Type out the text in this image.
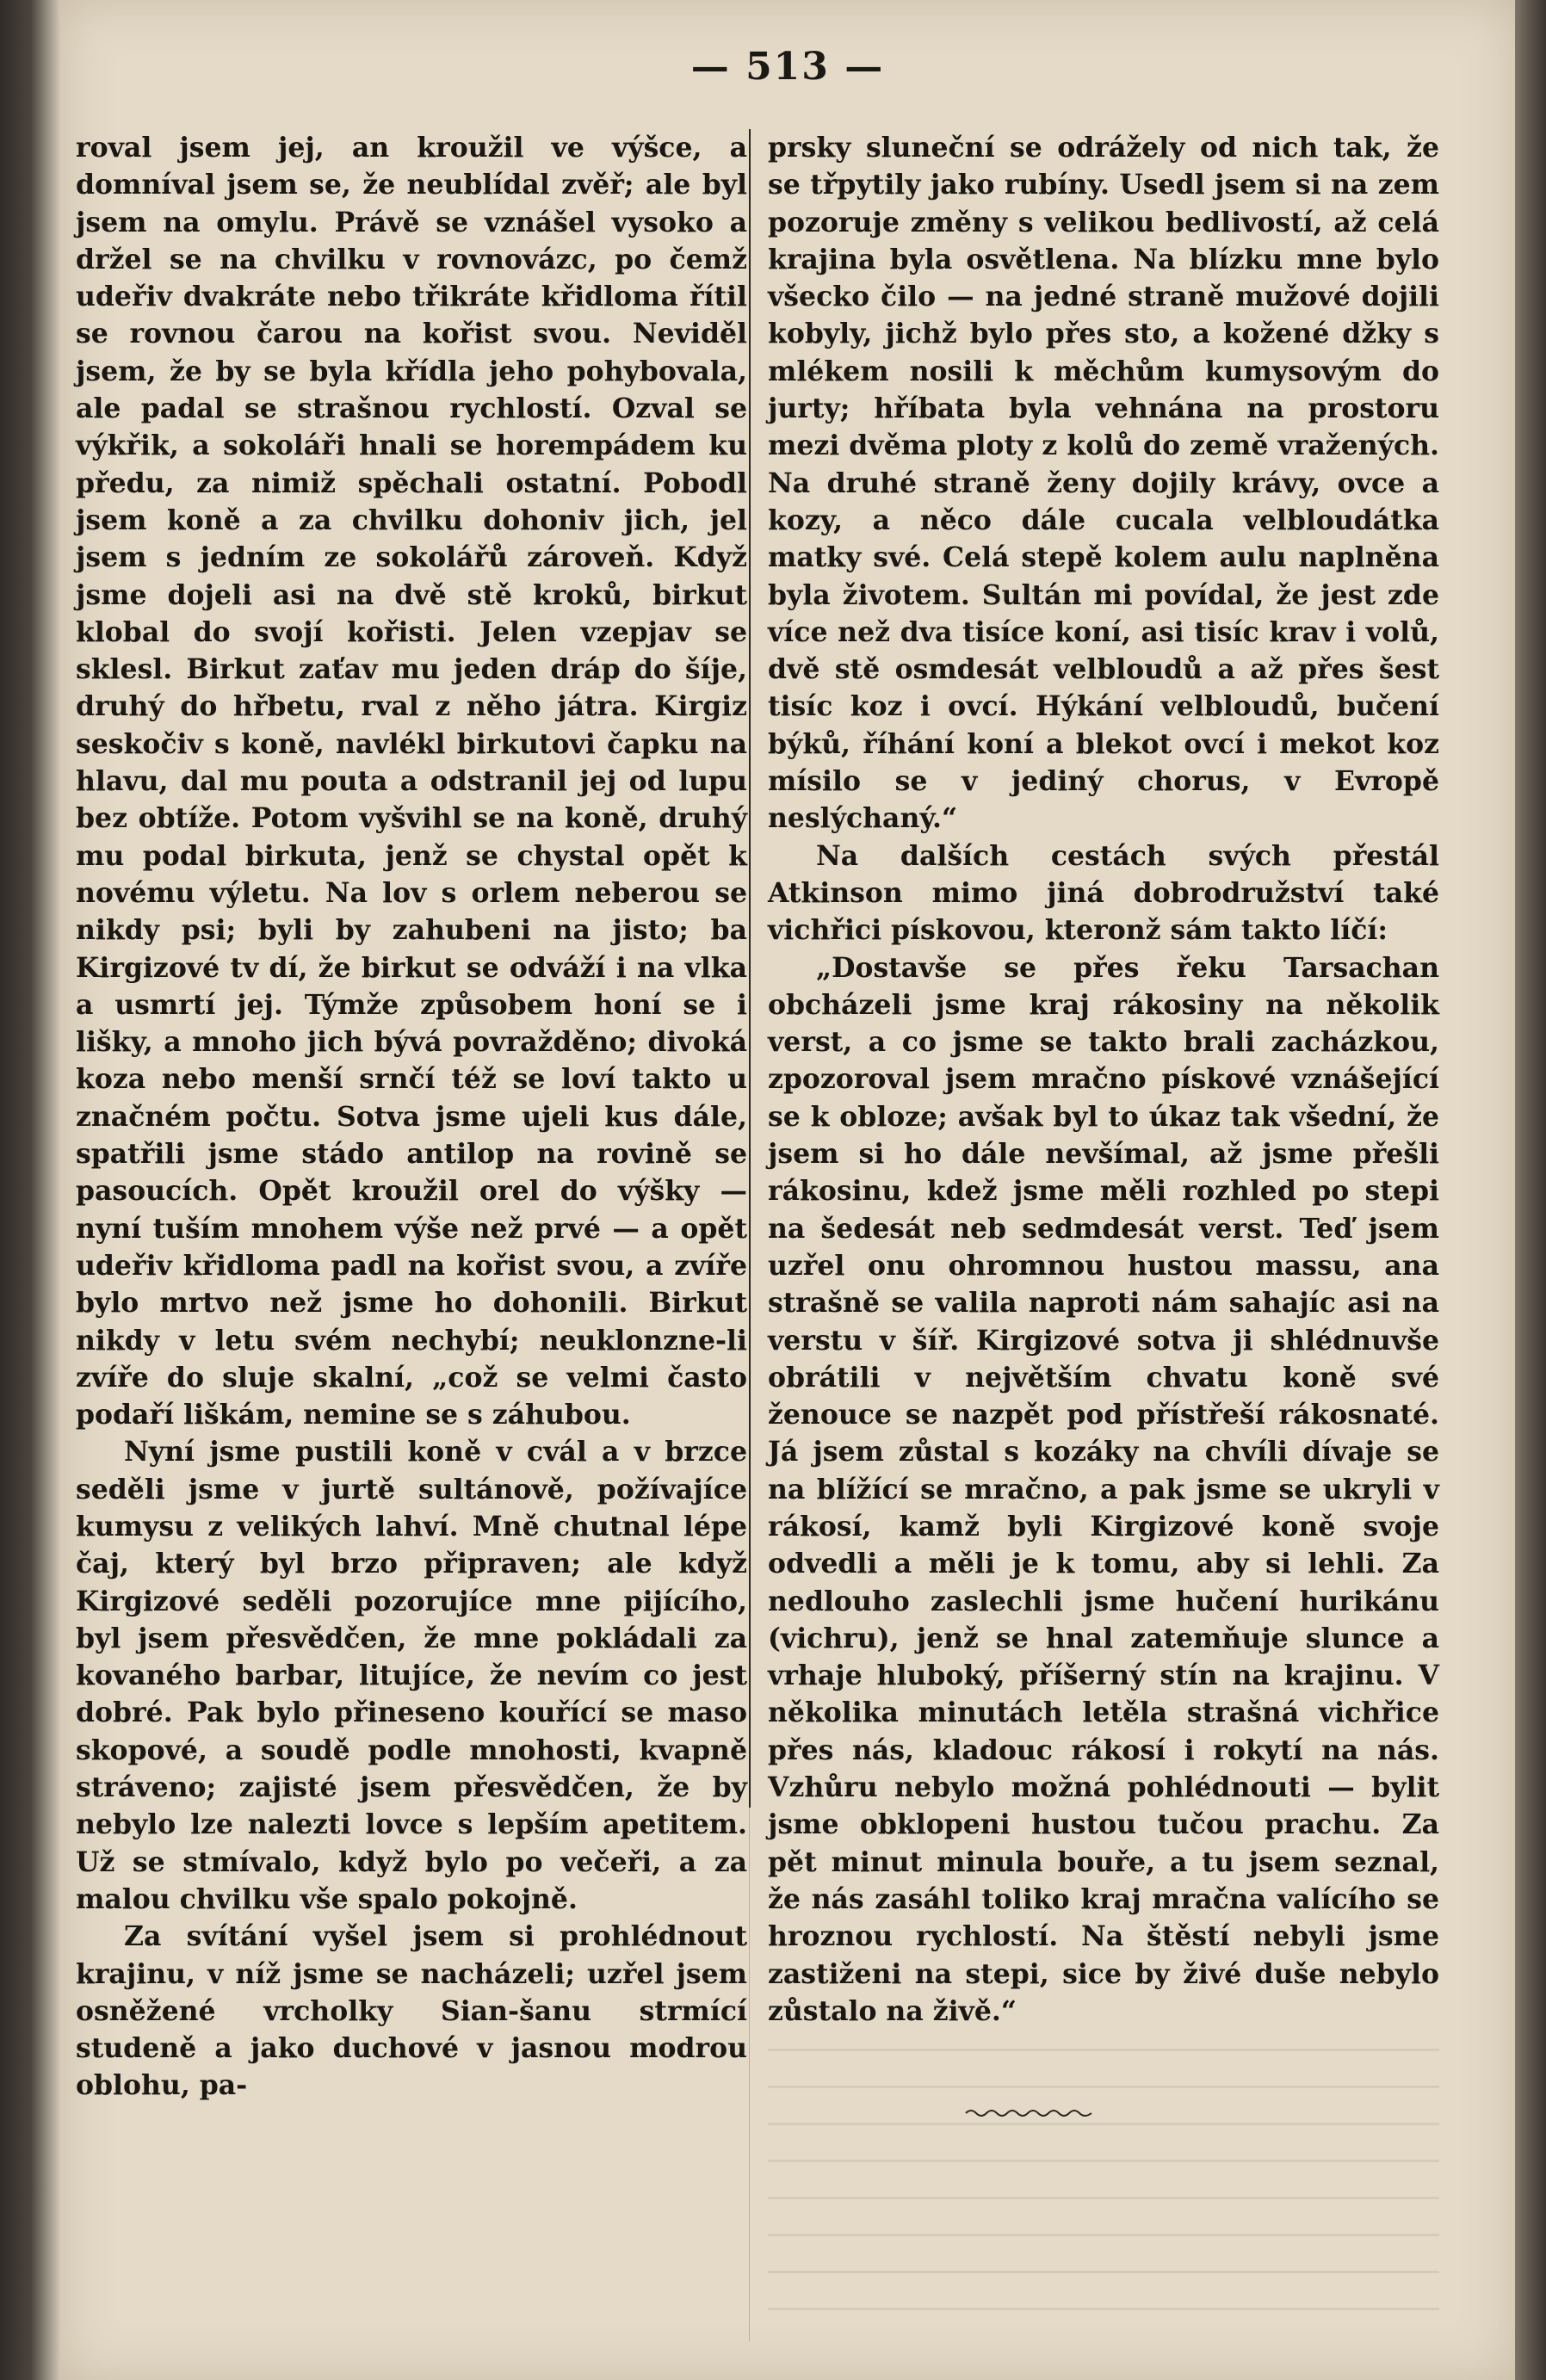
— 513 —

roval jsem jej, an kroužil ve výšce, a domníval jsem se, že neublídal zvěř; ale byl jsem na omylu. Právě se vznášel vysoko a držel se na chvilku v rovnovázc, po čemž udeřiv dvakráte nebo třikráte křidloma řítil se rovnou čarou na kořist svou. Neviděl jsem, že by se byla křídla jeho pohybovala, ale padal se strašnou rychlostí. Ozval se výkřik, a sokoláři hnali se horempádem ku předu, za nimiž spěchali ostatní. Pobodl jsem koně a za chvilku dohoniv jich, jel jsem s jedním ze sokolářů zároveň. Když jsme dojeli asi na dvě stě kroků, birkut klobal do svojí kořisti. Jelen vzepjav se sklesl. Birkut zaťav mu jeden dráp do šíje, druhý do hřbetu, rval z něho játra. Kirgiz seskočiv s koně, navlékl birkutovi čapku na hlavu, dal mu pouta a odstranil jej od lupu bez obtíže. Potom vyšvihl se na koně, druhý mu podal birkuta, jenž se chystal opět k novému výletu. Na lov s orlem neberou se nikdy psi; byli by zahubeni na jisto; ba Kirgizové tv dí, že birkut se odváží i na vlka a usmrtí jej. Týmže způsobem honí se i lišky, a mnoho jich bývá povražděno; divoká koza nebo menší srnčí též se loví takto u značném počtu. Sotva jsme ujeli kus dále, spatřili jsme stádo antilop na rovině se pasoucích. Opět kroužil orel do výšky — nyní tuším mnohem výše než prvé — a opět udeřiv křidloma padl na kořist svou, a zvíře bylo mrtvo než jsme ho dohonili. Birkut nikdy v letu svém nechybí; neuklonzne-li zvíře do sluje skalní, „což se velmi často podaří liškám, nemine se s záhubou.

Nyní jsme pustili koně v cvál a v brzce seděli jsme v jurtě sultánově, požívajíce kumysu z velikých lahví. Mně chutnal lépe čaj, který byl brzo připraven; ale když Kirgizové seděli pozorujíce mne pijícího, byl jsem přesvědčen, že mne pokládali za kovaného barbar, litujíce, že nevím co jest dobré. Pak bylo přineseno kouřící se maso skopové, a soudě podle mnohosti, kvapně stráveno; zajisté jsem přesvědčen, že by nebylo lze nalezti lovce s lepším apetitem. Už se stmívalo, když bylo po večeři, a za malou chvilku vše spalo pokojně.

Za svítání vyšel jsem si prohlédnout krajinu, v níž jsme se nacházeli; uzřel jsem osněžené vrcholky Sian-šanu strmící studeně a jako duchové v jasnou modrou oblohu, pa-

prsky sluneční se odrážely od nich tak, že se třpytily jako rubíny. Usedl jsem si na zem pozoruje změny s velikou bedlivostí, až celá krajina byla osvětlena. Na blízku mne bylo všecko čilo — na jedné straně mužové dojili kobyly, jichž bylo přes sto, a kožené džky s mlékem nosili k měchům kumysovým do jurty; hříbata byla vehnána na prostoru mezi dvěma ploty z kolů do země vražených. Na druhé straně ženy dojily krávy, ovce a kozy, a něco dále cucala velbloudátka matky své. Celá stepě kolem aulu naplněna byla životem. Sultán mi povídal, že jest zde více než dva tisíce koní, asi tisíc krav i volů, dvě stě osmdesát velbloudů a až přes šest tisíc koz i ovcí. Hýkání velbloudů, bučení býků, říhání koní a blekot ovcí i mekot koz mísilo se v jediný chorus, v Evropě neslýchaný.“

Na dalších cestách svých přestál Atkinson mimo jiná dobrodružství také vichřici pískovou, kteronž sám takto líčí:

„Dostavše se přes řeku Tarsachan obcházeli jsme kraj rákosiny na několik verst, a co jsme se takto brali zacházkou, zpozoroval jsem mračno pískové vznášející se k obloze; avšak byl to úkaz tak všední, že jsem si ho dále nevšímal, až jsme přešli rákosinu, kdež jsme měli rozhled po stepi na šedesát neb sedmdesát verst. Teď jsem uzřel onu ohromnou hustou massu, ana strašně se valila naproti nám sahajíc asi na verstu v šíř. Kirgizové sotva ji shlédnuvše obrátili v největším chvatu koně své ženouce se nazpět pod přístřeší rákosnaté. Já jsem zůstal s kozáky na chvíli dívaje se na blížící se mračno, a pak jsme se ukryli v rákosí, kamž byli Kirgizové koně svoje odvedli a měli je k tomu, aby si lehli. Za nedlouho zaslechli jsme hučení hurikánu (vichru), jenž se hnal zatemňuje slunce a vrhaje hluboký, příšerný stín na krajinu. V několika minutách letěla strašná vichřice přes nás, kladouc rákosí i rokytí na nás. Vzhůru nebylo možná pohlédnouti — bylit jsme obklopeni hustou tučou prachu. Za pět minut minula bouře, a tu jsem seznal, že nás zasáhl toliko kraj mračna valícího se hroznou rychlostí. Na štěstí nebyli jsme zastiženi na stepi, sice by živé duše nebylo zůstalo na živě.“
